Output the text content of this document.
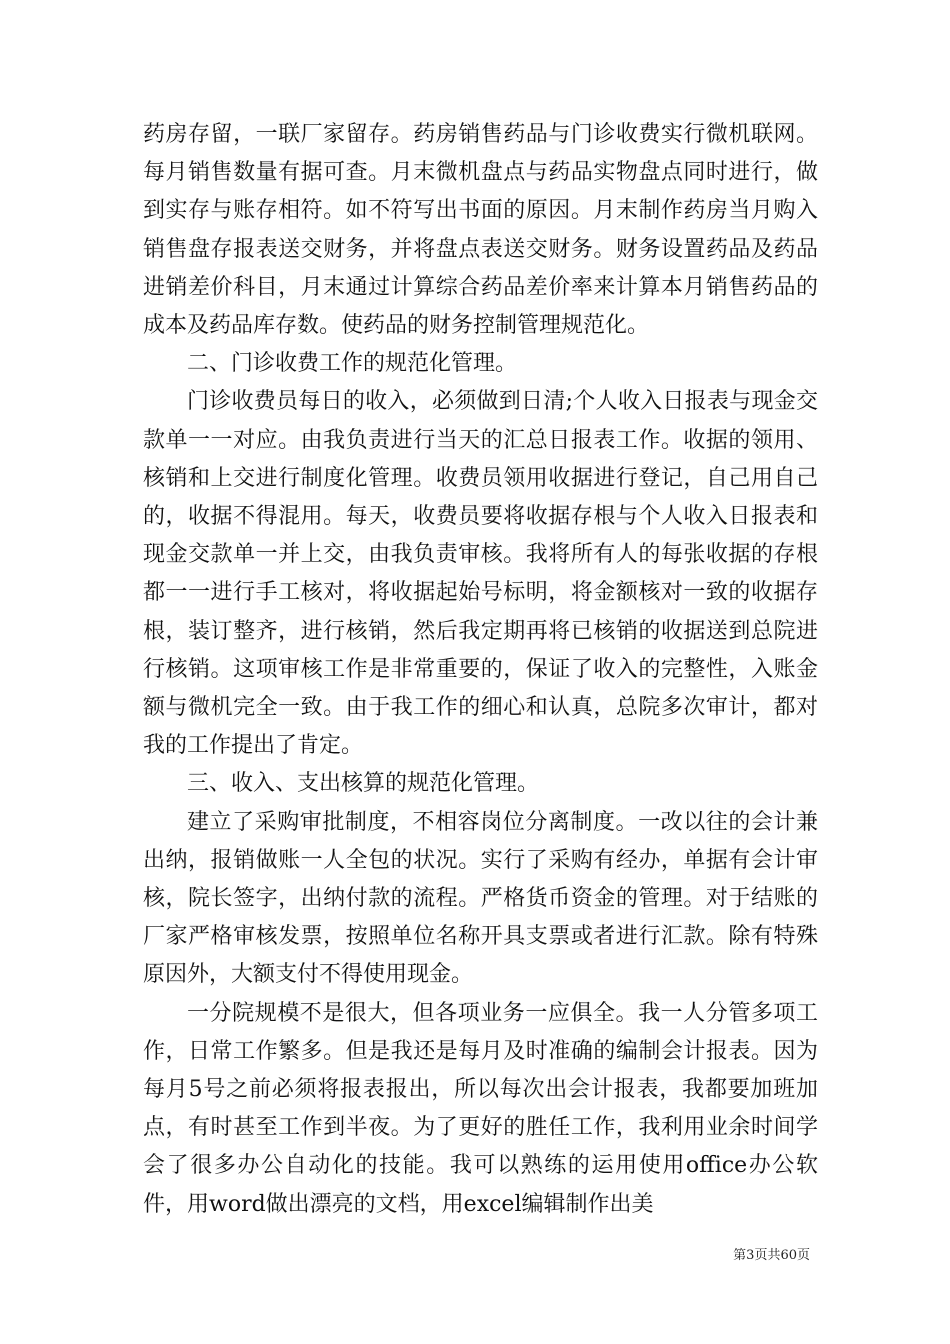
药房存留，一联厂家留存。药房销售药品与门诊收费实行微机联网。每月销售数量有据可查。月末微机盘点与药品实物盘点同时进行，做到实存与账存相符。如不符写出书面的原因。月末制作药房当月购入销售盘存报表送交财务，并将盘点表送交财务。财务设置药品及药品进销差价科目，月末通过计算综合药品差价率来计算本月销售药品的成本及药品库存数。使药品的财务控制管理规范化。

二、门诊收费工作的规范化管理。

门诊收费员每日的收入，必须做到日清;个人收入日报表与现金交款单一一对应。由我负责进行当天的汇总日报表工作。收据的领用、核销和上交进行制度化管理。收费员领用收据进行登记，自己用自己的，收据不得混用。每天，收费员要将收据存根与个人收入日报表和现金交款单一并上交，由我负责审核。我将所有人的每张收据的存根都一一进行手工核对，将收据起始号标明，将金额核对一致的收据存根，装订整齐，进行核销，然后我定期再将已核销的收据送到总院进行核销。这项审核工作是非常重要的，保证了收入的完整性，入账金额与微机完全一致。由于我工作的细心和认真，总院多次审计，都对我的工作提出了肯定。

三、收入、支出核算的规范化管理。

建立了采购审批制度，不相容岗位分离制度。一改以往的会计兼出纳，报销做账一人全包的状况。实行了采购有经办，单据有会计审核，院长签字，出纳付款的流程。严格货币资金的管理。对于结账的厂家严格审核发票，按照单位名称开具支票或者进行汇款。除有特殊原因外，大额支付不得使用现金。

一分院规模不是很大，但各项业务一应俱全。我一人分管多项工作，日常工作繁多。但是我还是每月及时准确的编制会计报表。因为每月5号之前必须将报表报出，所以每次出会计报表，我都要加班加点，有时甚至工作到半夜。为了更好的胜任工作，我利用业余时间学会了很多办公自动化的技能。我可以熟练的运用使用office办公软件，用word做出漂亮的文档，用excel编辑制作出美

第3页共60页
